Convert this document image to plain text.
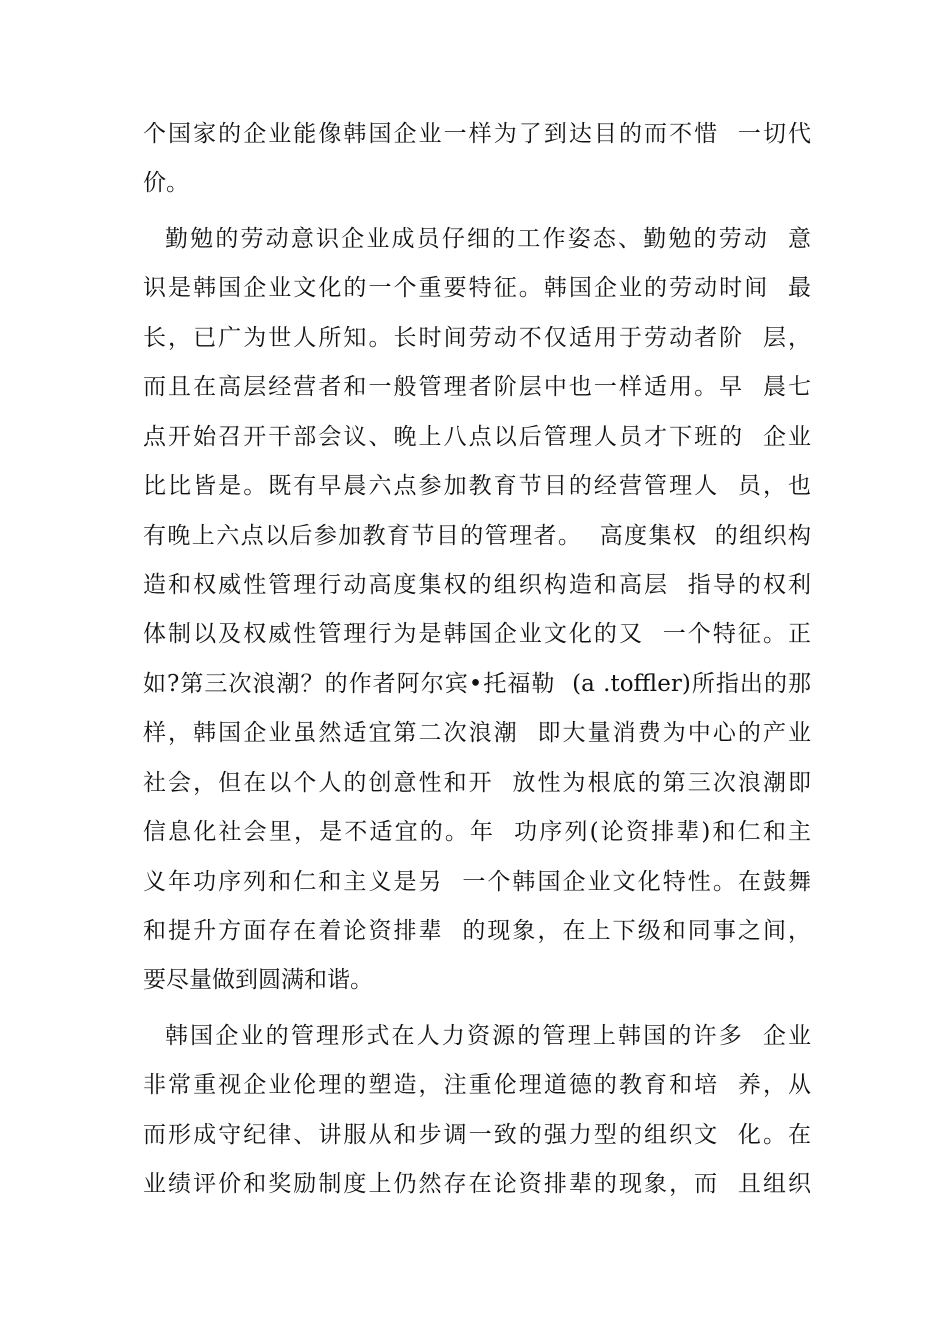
个国家的企业能像韩国企业一样为了到达目的而不惜  一切代
价。
勤勉的劳动意识企业成员仔细的工作姿态、勤勉的劳动  意
识是韩国企业文化的一个重要特征。韩国企业的劳动时间  最
长，已广为世人所知。长时间劳动不仅适用于劳动者阶  层，
而且在高层经营者和一般管理者阶层中也一样适用。早  晨七
点开始召开干部会议、晚上八点以后管理人员才下班的  企业
比比皆是。既有早晨六点参加教育节目的经营管理人  员，也
有晚上六点以后参加教育节目的管理者。  高度集权  的组织构
造和权威性管理行动高度集权的组织构造和高层  指导的权利
体制以及权威性管理行为是韩国企业文化的又  一个特征。正
如?第三次浪潮？的作者阿尔宾•托福勒  (a .toffler)所指出的那
样，韩国企业虽然适宜第二次浪潮  即大量消费为中心的产业
社会，但在以个人的创意性和开  放性为根底的第三次浪潮即
信息化社会里，是不适宜的。年  功序列(论资排辈)和仁和主
义年功序列和仁和主义是另  一个韩国企业文化特性。在鼓舞
和提升方面存在着论资排辈  的现象，在上下级和同事之间，
要尽量做到圆满和谐。
韩国企业的管理形式在人力资源的管理上韩国的许多  企业
非常重视企业伦理的塑造，注重伦理道德的教育和培  养，从
而形成守纪律、讲服从和步调一致的强力型的组织文  化。在
业绩评价和奖励制度上仍然存在论资排辈的现象，而  且组织
